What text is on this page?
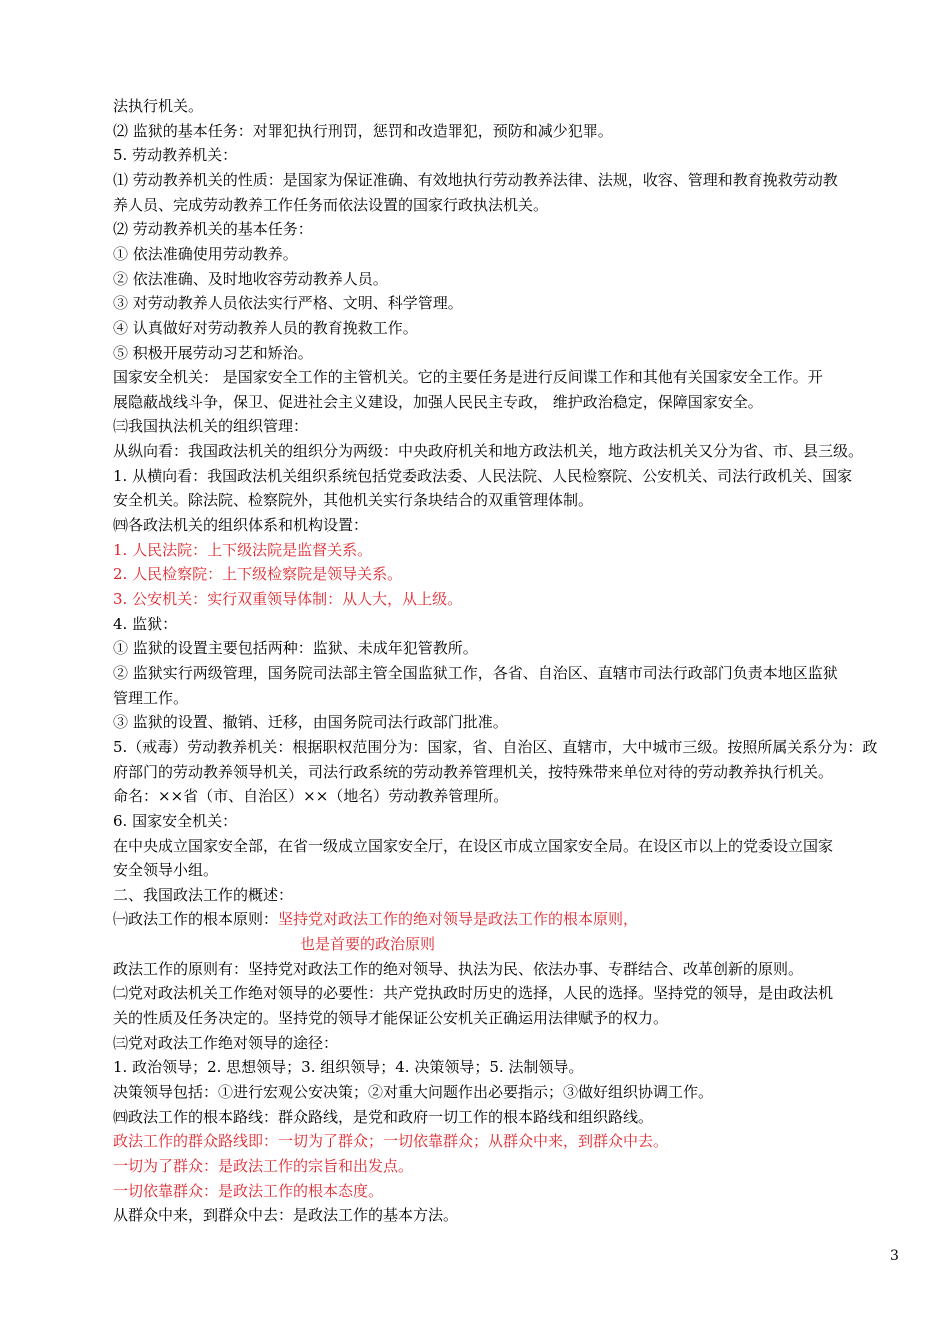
法执行机关。
⑵ 监狱的基本任务：对罪犯执行刑罚，惩罚和改造罪犯，预防和减少犯罪。
5. 劳动教养机关：
⑴ 劳动教养机关的性质：是国家为保证准确、有效地执行劳动教养法律、法规，收容、管理和教育挽救劳动教
养人员、完成劳动教养工作任务而依法设置的国家行政执法机关。
⑵ 劳动教养机关的基本任务：
① 依法准确使用劳动教养。
② 依法准确、及时地收容劳动教养人员。
③ 对劳动教养人员依法实行严格、文明、科学管理。
④ 认真做好对劳动教养人员的教育挽救工作。
⑤ 积极开展劳动习艺和矫治。
国家安全机关： 是国家安全工作的主管机关。它的主要任务是进行反间谍工作和其他有关国家安全工作。开
展隐蔽战线斗争，保卫、促进社会主义建设，加强人民民主专政， 维护政治稳定，保障国家安全。
㈢我国执法机关的组织管理：
从纵向看：我国政法机关的组织分为两级：中央政府机关和地方政法机关，地方政法机关又分为省、市、县三级。
1. 从横向看：我国政法机关组织系统包括党委政法委、人民法院、人民检察院、公安机关、司法行政机关、国家
安全机关。除法院、检察院外，其他机关实行条块结合的双重管理体制。
㈣各政法机关的组织体系和机构设置：
1. 人民法院：上下级法院是监督关系。
2. 人民检察院：上下级检察院是领导关系。
3. 公安机关：实行双重领导体制：从人大，从上级。
4. 监狱：
① 监狱的设置主要包括两种：监狱、未成年犯管教所。
② 监狱实行两级管理，国务院司法部主管全国监狱工作，各省、自治区、直辖市司法行政部门负责本地区监狱
管理工作。
③ 监狱的设置、撤销、迁移，由国务院司法行政部门批准。
5.（戒毒）劳动教养机关：根据职权范围分为：国家，省、自治区、直辖市，大中城市三级。按照所属关系分为：政
府部门的劳动教养领导机关，司法行政系统的劳动教养管理机关，按特殊带来单位对待的劳动教养执行机关。
命名：××省（市、自治区）××（地名）劳动教养管理所。
6. 国家安全机关：
在中央成立国家安全部，在省一级成立国家安全厅，在设区市成立国家安全局。在设区市以上的党委设立国家
安全领导小组。
二、我国政法工作的概述：
㈠政法工作的根本原则：坚持党对政法工作的绝对领导是政法工作的根本原则，
也是首要的政治原则
政法工作的原则有：坚持党对政法工作的绝对领导、执法为民、依法办事、专群结合、改革创新的原则。
㈡党对政法机关工作绝对领导的必要性：共产党执政时历史的选择，人民的选择。坚持党的领导，是由政法机
关的性质及任务决定的。坚持党的领导才能保证公安机关正确运用法律赋予的权力。
㈢党对政法工作绝对领导的途径：
1. 政治领导；2. 思想领导；3. 组织领导；4. 决策领导；5. 法制领导。
决策领导包括：①进行宏观公安决策；②对重大问题作出必要指示；③做好组织协调工作。
㈣政法工作的根本路线：群众路线，是党和政府一切工作的根本路线和组织路线。
政法工作的群众路线即：一切为了群众；一切依靠群众；从群众中来，到群众中去。
一切为了群众：是政法工作的宗旨和出发点。
一切依靠群众：是政法工作的根本态度。
从群众中来，到群众中去：是政法工作的基本方法。
3
